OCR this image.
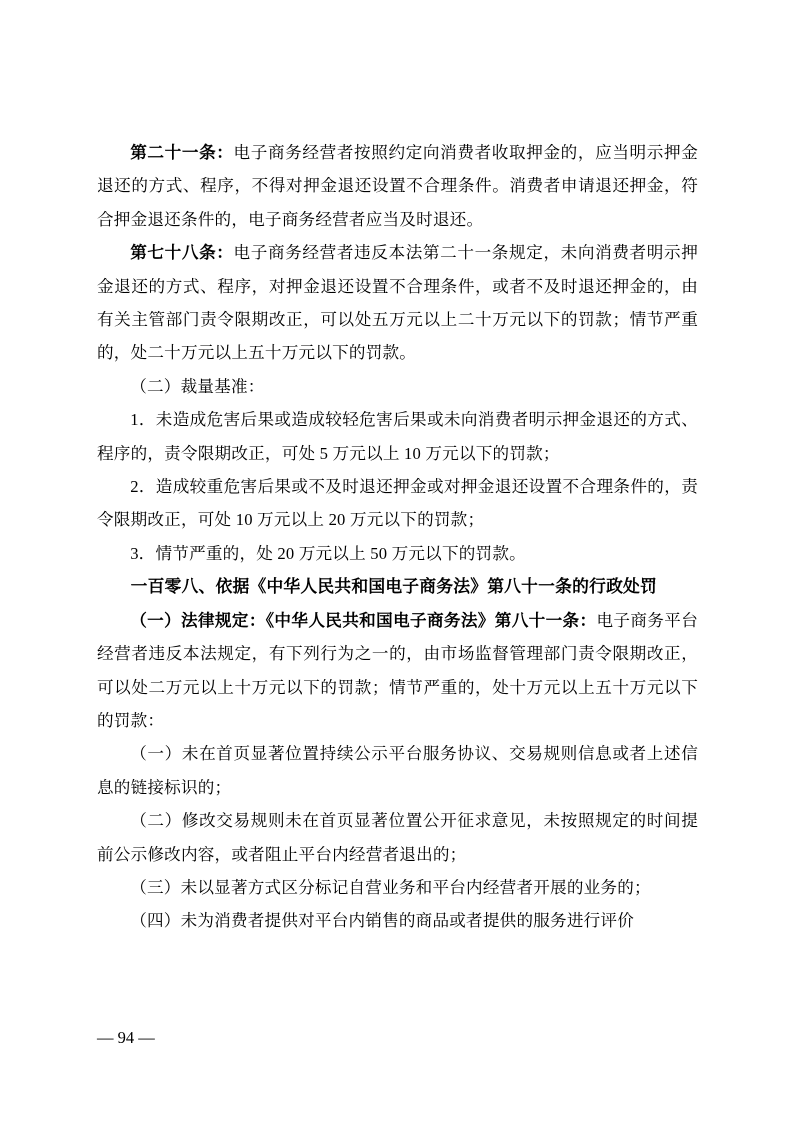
第二十一条：电子商务经营者按照约定向消费者收取押金的，应当明示押金退还的方式、程序，不得对押金退还设置不合理条件。消费者申请退还押金，符合押金退还条件的，电子商务经营者应当及时退还。

第七十八条：电子商务经营者违反本法第二十一条规定，未向消费者明示押金退还的方式、程序，对押金退还设置不合理条件，或者不及时退还押金的，由有关主管部门责令限期改正，可以处五万元以上二十万元以下的罚款；情节严重的，处二十万元以上五十万元以下的罚款。

（二）裁量基准：

1．未造成危害后果或造成较轻危害后果或未向消费者明示押金退还的方式、程序的，责令限期改正，可处 5 万元以上 10 万元以下的罚款；

2．造成较重危害后果或不及时退还押金或对押金退还设置不合理条件的，责令限期改正，可处 10 万元以上 20 万元以下的罚款；

3．情节严重的，处 20 万元以上 50 万元以下的罚款。

一百零八、依据《中华人民共和国电子商务法》第八十一条的行政处罚

（一）法律规定：《中华人民共和国电子商务法》第八十一条：电子商务平台经营者违反本法规定，有下列行为之一的，由市场监督管理部门责令限期改正，可以处二万元以上十万元以下的罚款；情节严重的，处十万元以上五十万元以下的罚款：

（一）未在首页显著位置持续公示平台服务协议、交易规则信息或者上述信息的链接标识的；

（二）修改交易规则未在首页显著位置公开征求意见，未按照规定的时间提前公示修改内容，或者阻止平台内经营者退出的；

（三）未以显著方式区分标记自营业务和平台内经营者开展的业务的；

（四）未为消费者提供对平台内销售的商品或者提供的服务进行评价

— 94 —
